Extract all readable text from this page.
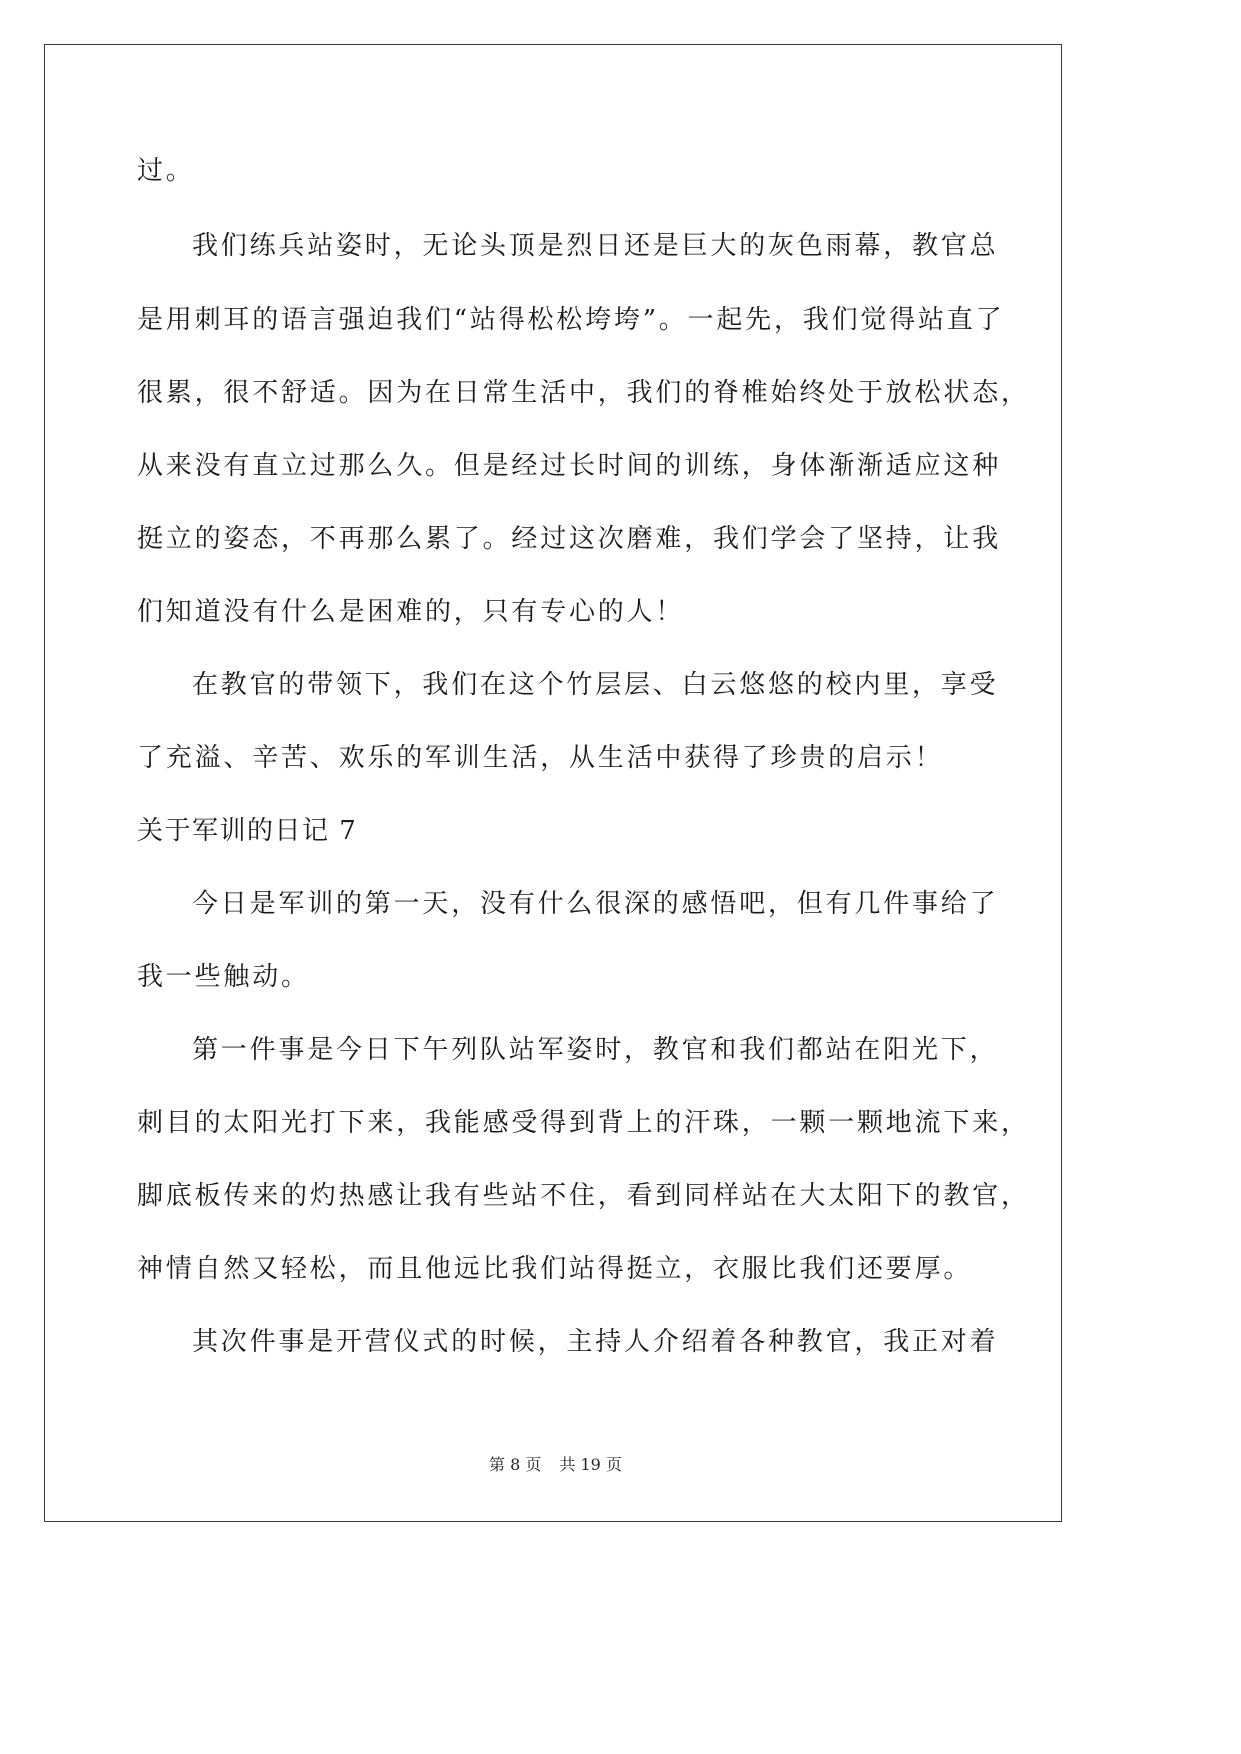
过。
我们练兵站姿时，无论头顶是烈日还是巨大的灰色雨幕，教官总
是用刺耳的语言强迫我们“站得松松垮垮”。一起先，我们觉得站直了
很累，很不舒适。因为在日常生活中，我们的脊椎始终处于放松状态，
从来没有直立过那么久。但是经过长时间的训练，身体渐渐适应这种
挺立的姿态，不再那么累了。经过这次磨难，我们学会了坚持，让我
们知道没有什么是困难的，只有专心的人！
在教官的带领下，我们在这个竹层层、白云悠悠的校内里，享受
了充溢、辛苦、欢乐的军训生活，从生活中获得了珍贵的启示！
关于军训的日记 7
今日是军训的第一天，没有什么很深的感悟吧，但有几件事给了
我一些触动。
第一件事是今日下午列队站军姿时，教官和我们都站在阳光下，
刺目的太阳光打下来，我能感受得到背上的汗珠，一颗一颗地流下来，
脚底板传来的灼热感让我有些站不住，看到同样站在大太阳下的教官，
神情自然又轻松，而且他远比我们站得挺立，衣服比我们还要厚。
其次件事是开营仪式的时候，主持人介绍着各种教官，我正对着
第 8 页 共 19 页
